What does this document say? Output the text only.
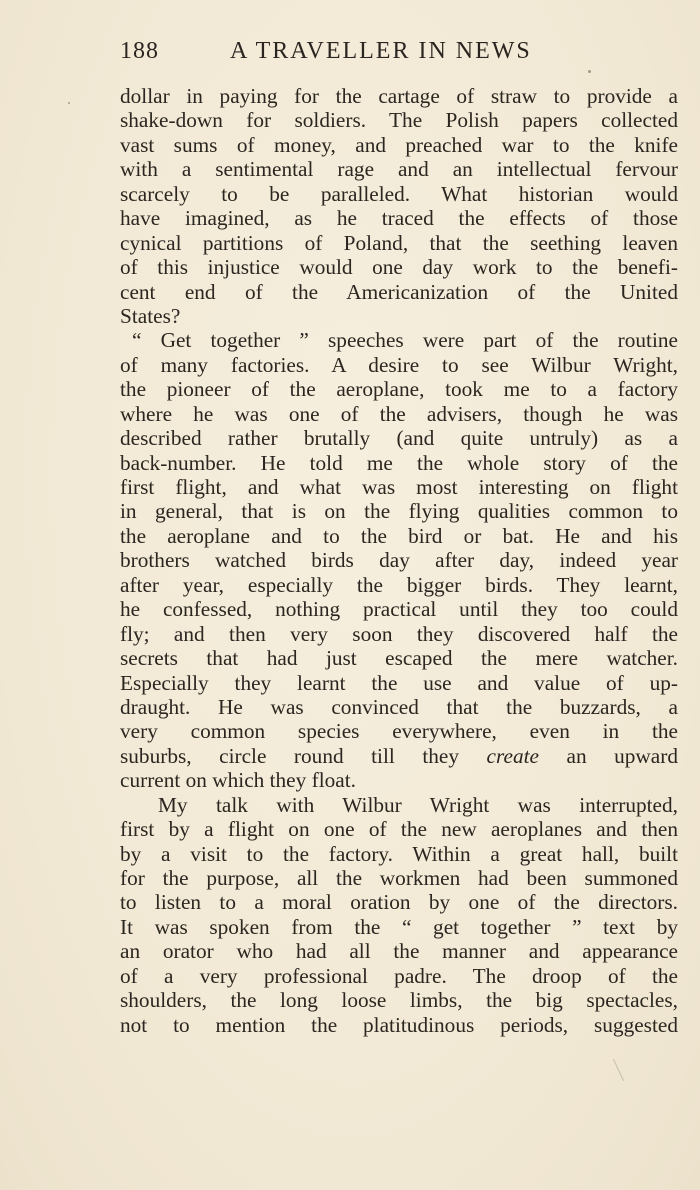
188	A TRAVELLER IN NEWS
dollar in paying for the cartage of straw to provide a
shake-down for soldiers. The Polish papers collected
vast sums of money, and preached war to the knife
with a sentimental rage and an intellectual fervour
scarcely to be paralleled. What historian would
have imagined, as he traced the effects of those
cynical partitions of Poland, that the seething leaven
of this injustice would one day work to the benefi-
cent end of the Americanization of the United
States?
“ Get together ” speeches were part of the routine
of many factories. A desire to see Wilbur Wright,
the pioneer of the aeroplane, took me to a factory
where he was one of the advisers, though he was
described rather brutally (and quite untruly) as a
back-number. He told me the whole story of the
first flight, and what was most interesting on flight
in general, that is on the flying qualities common to
the aeroplane and to the bird or bat. He and his
brothers watched birds day after day, indeed year
after year, especially the bigger birds. They learnt,
he confessed, nothing practical until they too could
fly; and then very soon they discovered half the
secrets that had just escaped the mere watcher.
Especially they learnt the use and value of up-
draught. He was convinced that the buzzards, a
very common species everywhere, even in the
suburbs, circle round till they create an upward
current on which they float.
My talk with Wilbur Wright was interrupted,
first by a flight on one of the new aeroplanes and then
by a visit to the factory. Within a great hall, built
for the purpose, all the workmen had been summoned
to listen to a moral oration by one of the directors.
It was spoken from the “ get together ” text by
an orator who had all the manner and appearance
of a very professional padre. The droop of the
shoulders, the long loose limbs, the big spectacles,
not to mention the platitudinous periods, suggested
